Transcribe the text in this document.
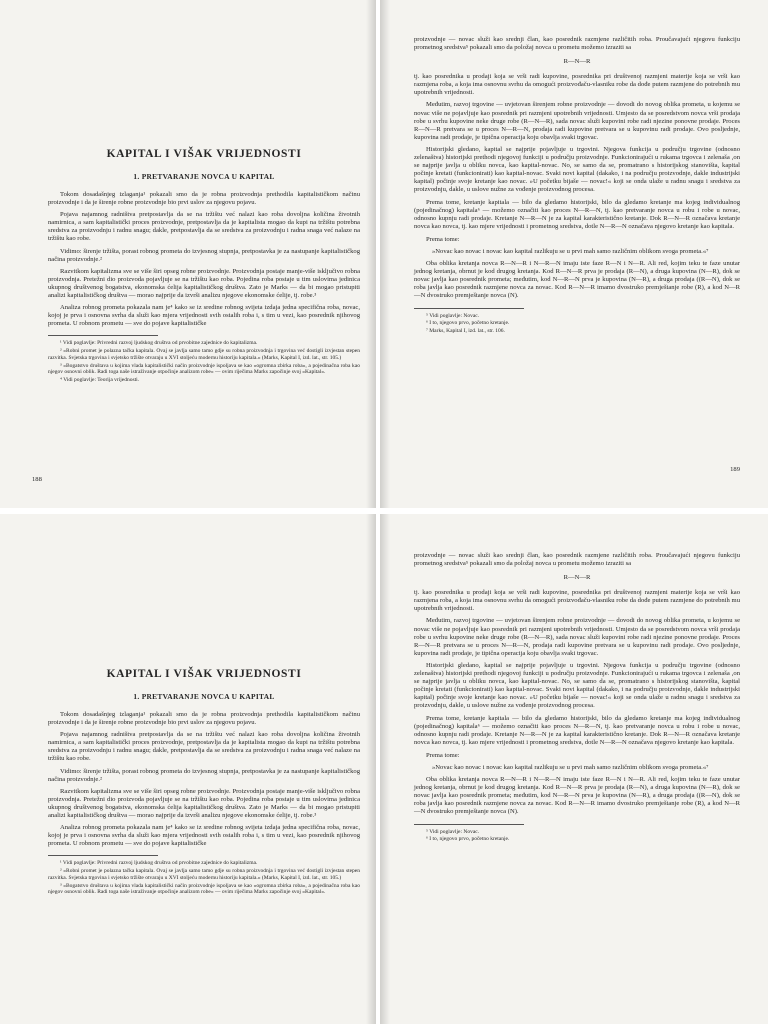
KAPITAL I VIŠAK VRIJEDNOSTI
1. PRETVARANJE NOVCA U KAPITAL

Tokom dosadašnjeg izlaganja¹ pokazali smo da je robna proizvodnja prethodila kapitalističkom načinu proizvodnje i da je širenje robne proizvodnje bio prvi uslov za njegovu pojavu.

Pojava najamnog radništva pretpostavlja da se na tržištu već nalazi kao roba dovoljna količina životnih namirnica, a sam kapitalistički proces proizvodnje, pretpostavlja da je kapitalista mogao da kupi na tržištu potrebna sredstva za proizvodnju i radnu snagu; dakle, pretpostavlja da se sredstva za proizvodnju i radna snaga već nalaze na tržištu kao robe.

Vidimo: širenje tržišta, porast robnog prometa do izvjesnog stupnja, pretpostavka je za nastupanje kapitalističkog načina proizvodnje.²

Razvitkom kapitalizma sve se više širi opseg robne proizvodnje. Proizvodnja postaje manje-više isključivo robna proizvodnja. Pretežni dio proizvoda pojavljuje se na tržištu kao roba. Pojedina roba postaje u tim uslovima jedinica ukupnog društvenog bogatstva, ekonomska ćelija kapitalističkog društva. Zato je Marks — da bi mogao pristupiti analizi kapitalističkog društva — morao najprije da izvrši analizu njegove ekonomske ćelije, tj. robe.³

Analiza robnog prometa pokazala nam je⁴ kako se iz sredine robnog svijeta izdaja jedna specifična roba, novac, kojoj je prva i osnovna svrha da služi kao mjera vrijednosti svih ostalih roba i, s tim u vezi, kao posrednik njihovog prometa. U robnom prometu — sve do pojave kapitalističke

¹ Vidi poglavlje: Privredni razvoj ljudskog društva od prvobitne zajednice do kapitalizma.

² »Robni promet je polazna tačka kapitala. Ovaj se javlja samo tamo gdje su robna proizvodnja i trgovina već dostigli izvjestan stepen razvitka. Svjetska trgovina i svjetsko tržište otvaraju u XVI stoljeću modernu historiju kapitala.« (Marks, Kapital I, izd. lat., str. 105.)

³ »Bogatstvo društava u kojima vlada kapitalistički način proizvodnje ispoljava se kao »ogromna zbirka roba«, a pojedinačna roba kao njegov osnovni oblik. Radi toga naše istraživanje otpočinje analizom robe« — ovim riječima Marks započinje svoj »Kapital«.

⁴ Vidi poglavlje: Teorija vrijednosti.

188

proizvodnje — novac služi kao srednji član, kao posrednik razmjene različitih roba. Proučavajući njegovu funkciju prometnog sredstva⁵ pokazali smo da položaj novca u prometu možemo izraziti sa

R—N—R

tj. kao posrednika u prodaji koja se vrši radi kupovine, posrednika pri društvenoj razmjeni materije koja se vrši kao razmjena roba, a koja ima osnovnu svrhu da omogući proizvođaču-vlasniku robe da dođe putem razmjene do potrebnih mu upotrebnih vrijednosti.

Međutim, razvoj trgovine — uvjetovan širenjem robne proizvodnje — dovodi do novog oblika prometa, u kojemu se novac više ne pojavljuje kao posrednik pri razmjeni upotrebnih vrijednosti. Umjesto da se posredstvom novca vrši prodaja robe u svrhu kupovine neke druge robe (R—N—R), sada novac služi kupovini robe radi njezine ponovne prodaje. Proces R—N—R pretvara se u proces N—R—N, prodaja radi kupovine pretvara se u kupovinu radi prodaje. Ovo posljednje, kupovina radi prodaje, je tipična operacija koju obavlja svaki trgovac.

Historijski gledano, kapital se najprije pojavljuje u trgovini. Njegova funkcija u području trgovine (odnosno zelenaštva) historijski prethodi njegovoj funkciji u području proizvodnje. Funkcionirajući u rukama trgovca i zelenaša ,on se najprije javlja u obliku novca, kao kapital-novac. No, se samo da se, promatrano s historijskog stanovišta, kapital počinje kretati (funkcionirati) kao kapital-novac. Svaki novi kapital (dakako, i na području proizvodnje, dakle industrijski kapital) počinje svoje kretanje kao novac. »U početku bijaše — novac!« koji se onda ulaže u radnu snagu i sredstva za proizvodnju, dakle, u uslove nužne za vođenje proizvodnog procesa.

Prema tome, kretanje kapitala — bilo da gledamo historijski, bilo da gledamo kretanje ma kojeg individualnog (pojedinačnog) kapitala⁶ — možemo označiti kao proces N—R—N, tj. kao pretvaranje novca u robu i robe u novac, odnosno kupnju radi prodaje. Kretanje N—R—N je za kapital karakteristično kretanje. Dok R—N—R označava kretanje novca kao novca, tj. kao mjere vrijednosti i prometnog sredstva, dotle N—R—N označava njegovo kretanje kao kapitala.

Prema tome:

»Novac kao novac i novac kao kapital razlikuju se u prvi mah samo različnim oblikom svoga prometa.«⁷

Oba oblika kretanja novca R—N—R i N—R—N imaju iste faze R—N i N—R. Ali red, kojim teku te faze unutar jednog kretanja, obrnut je kod drugog kretanja. Kod R—N—R prva je prodaja (R—N), a druga kupovina (N—R), dok se novac javlja kao posrednik prometa; međutim, kod N—R—N prva je kupovina (N—R), a druga prodaja ((R—N), dok se roba javlja kao posrednik razmjene novca za novac. Kod R—N—R imamo dvostruko premještanje robe (R), a kod N—R—N dvostruko premještanje novca (N).

⁵ Vidi poglavlje: Novac.

⁶ I to, njegovo prvo, početno kretanje.

⁷ Marks, Kapital I, izd. lat., str. 106.

189
KAPITAL I VIŠAK VRIJEDNOSTI
1. PRETVARANJE NOVCA U KAPITAL

Tokom dosadašnjeg izlaganja¹ pokazali smo da je robna proizvodnja prethodila kapitalističkom načinu proizvodnje i da je širenje robne proizvodnje bio prvi uslov za njegovu pojavu.

Pojava najamnog radništva pretpostavlja da se na tržištu već nalazi kao roba dovoljna količina životnih namirnica, a sam kapitalistički proces proizvodnje, pretpostavlja da je kapitalista mogao da kupi na tržištu potrebna sredstva za proizvodnju i radnu snagu; dakle, pretpostavlja da se sredstva za proizvodnju i radna snaga već nalaze na tržištu kao robe.

Vidimo: širenje tržišta, porast robnog prometa do izvjesnog stupnja, pretpostavka je za nastupanje kapitalističkog načina proizvodnje.²

Razvitkom kapitalizma sve se više širi opseg robne proizvodnje. Proizvodnja postaje manje-više isključivo robna proizvodnja. Pretežni dio proizvoda pojavljuje se na tržištu kao roba. Pojedina roba postaje u tim uslovima jedinica ukupnog društvenog bogatstva, ekonomska ćelija kapitalističkog društva. Zato je Marks — da bi mogao pristupiti analizi kapitalističkog društva — morao najprije da izvrši analizu njegove ekonomske ćelije, tj. robe.³

Analiza robnog prometa pokazala nam je⁴ kako se iz sredine robnog svijeta izdaja jedna specifična roba, novac, kojoj je prva i osnovna svrha da služi kao mjera vrijednosti svih ostalih roba i, s tim u vezi, kao posrednik njihovog prometa. U robnom prometu — sve do pojave kapitalističke

¹ Vidi poglavlje: Privredni razvoj ljudskog društva od prvobitne zajednice do kapitalizma.

² »Robni promet je polazna tačka kapitala. Ovaj se javlja samo tamo gdje su robna proizvodnja i trgovina već dostigli izvjestan stepen razvitka. Svjetska trgovina i svjetsko tržište otvaraju u XVI stoljeću modernu historiju kapitala.« (Marks, Kapital I, izd. lat., str. 105.)

³ »Bogatstvo društava u kojima vlada kapitalistički način proizvodnje ispoljava se kao »ogromna zbirka roba«, a pojedinačna roba kao njegov osnovni oblik. Radi toga naše istraživanje otpočinje analizom robe« — ovim riječima Marks započinje svoj »Kapital«.

proizvodnje — novac služi kao srednji član, kao posrednik razmjene različitih roba. Proučavajući njegovu funkciju prometnog sredstva⁵ pokazali smo da položaj novca u prometu možemo izraziti sa

R—N—R

tj. kao posrednika u prodaji koja se vrši radi kupovine, posrednika pri društvenoj razmjeni materije koja se vrši kao razmjena roba, a koja ima osnovnu svrhu da omogući proizvođaču-vlasniku robe da dođe putem razmjene do potrebnih mu upotrebnih vrijednosti.

Međutim, razvoj trgovine — uvjetovan širenjem robne proizvodnje — dovodi do novog oblika prometa, u kojemu se novac više ne pojavljuje kao posrednik pri razmjeni upotrebnih vrijednosti. Umjesto da se posredstvom novca vrši prodaja robe u svrhu kupovine neke druge robe (R—N—R), sada novac služi kupovini robe radi njezine ponovne prodaje. Proces R—N—R pretvara se u proces N—R—N, prodaja radi kupovine pretvara se u kupovinu radi prodaje. Ovo posljednje, kupovina radi prodaje, je tipična operacija koju obavlja svaki trgovac.

Historijski gledano, kapital se najprije pojavljuje u trgovini. Njegova funkcija u području trgovine (odnosno zelenaštva) historijski prethodi njegovoj funkciji u području proizvodnje. Funkcionirajući u rukama trgovca i zelenaša ,on se najprije javlja u obliku novca, kao kapital-novac. No, se samo da se, promatrano s historijskog stanovišta, kapital počinje kretati (funkcionirati) kao kapital-novac. Svaki novi kapital (dakako, i na području proizvodnje, dakle industrijski kapital) počinje svoje kretanje kao novac. »U početku bijaše — novac!« koji se onda ulaže u radnu snagu i sredstva za proizvodnju, dakle, u uslove nužne za vođenje proizvodnog procesa.

Prema tome, kretanje kapitala — bilo da gledamo historijski, bilo da gledamo kretanje ma kojeg individualnog (pojedinačnog) kapitala⁶ — možemo označiti kao proces N—R—N, tj. kao pretvaranje novca u robu i robe u novac, odnosno kupnju radi prodaje. Kretanje N—R—N je za kapital karakteristično kretanje. Dok R—N—R označava kretanje novca kao novca, tj. kao mjere vrijednosti i prometnog sredstva, dotle N—R—N označava njegovo kretanje kao kapitala.

Prema tome:

»Novac kao novac i novac kao kapital razlikuju se u prvi mah samo različnim oblikom svoga prometa.«⁷

Oba oblika kretanja novca R—N—R i N—R—N imaju iste faze R—N i N—R. Ali red, kojim teku te faze unutar jednog kretanja, obrnut je kod drugog kretanja. Kod R—N—R prva je prodaja (R—N), a druga kupovina (N—R), dok se novac javlja kao posrednik prometa; međutim, kod N—R—N prva je kupovina (N—R), a druga prodaja ((R—N), dok se roba javlja kao posrednik razmjene novca za novac. Kod R—N—R imamo dvostruko premještanje robe (R), a kod N—R—N dvostruko premještanje novca (N).

⁵ Vidi poglavlje: Novac.

⁶ I to, njegovo prvo, početno kretanje.
